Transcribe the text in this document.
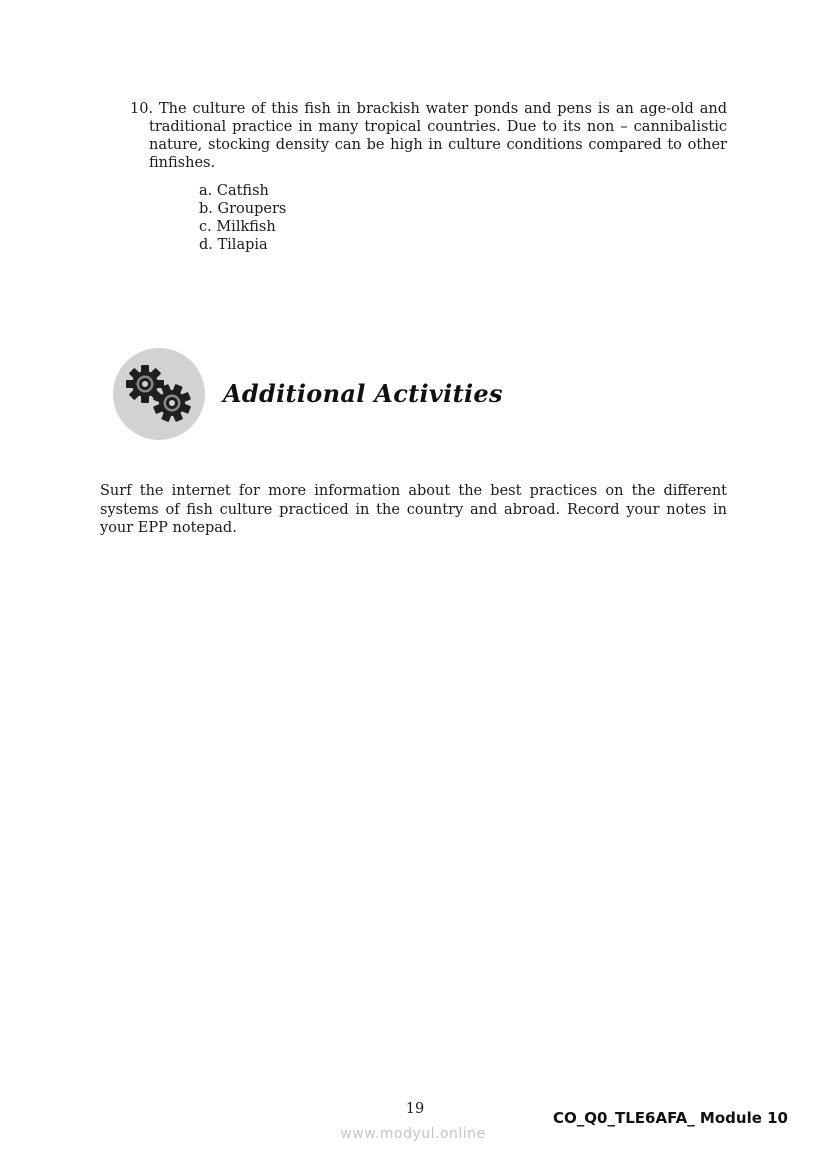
10. The culture of this fish in brackish water ponds and pens is an age-old and traditional practice in many tropical countries. Due to its non – cannibalistic nature, stocking density can be high in culture conditions compared to other finfishes.

a. Catfish
b. Groupers
c. Milkfish
d. Tilapia
Additional Activities

Surf the internet for more information about the best practices on the different systems of fish culture practiced in the country and abroad. Record your notes in your EPP notepad.

19	CO_Q0_TLE6AFA_ Module 10
www.modyul.online
